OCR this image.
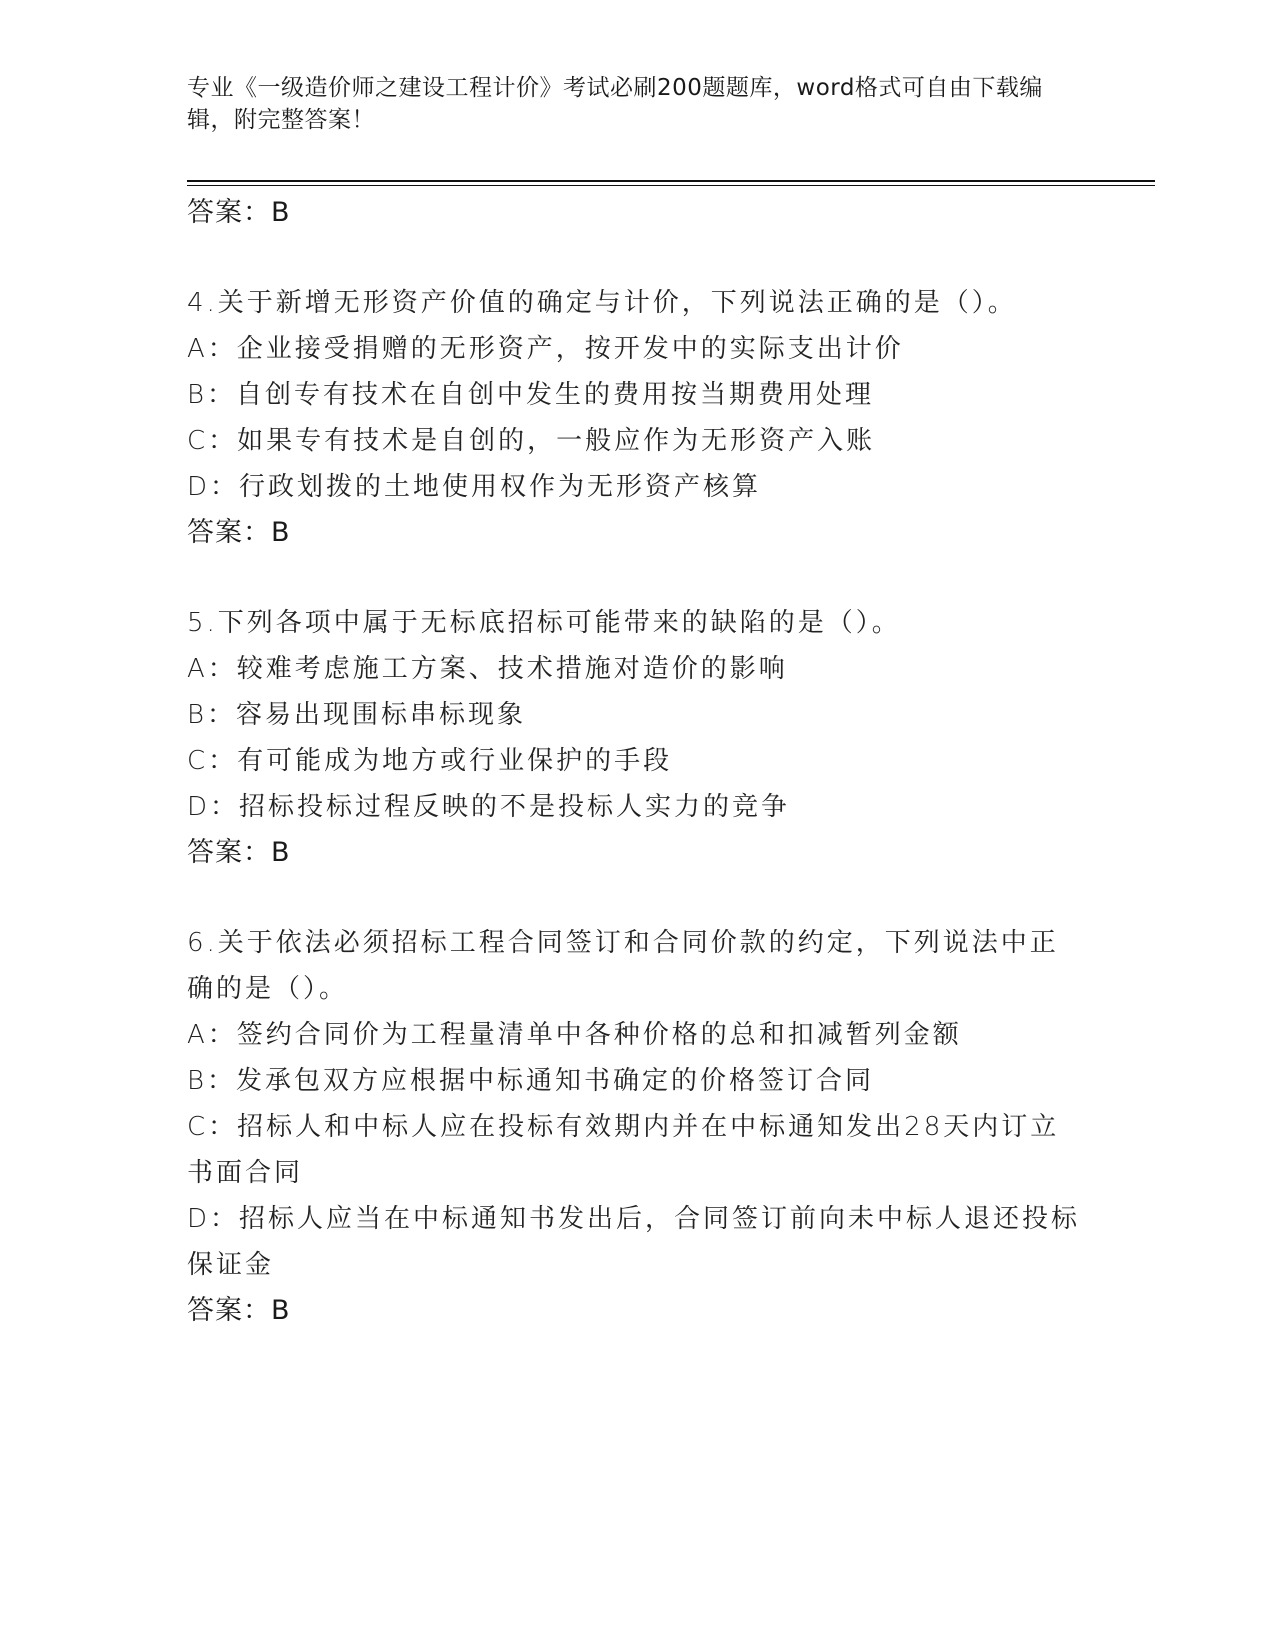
专业《一级造价师之建设工程计价》考试必刷200题题库，word格式可自由下载编辑，附完整答案！
答案：B
4.关于新增无形资产价值的确定与计价，下列说法正确的是（）。
A：企业接受捐赠的无形资产，按开发中的实际支出计价
B：自创专有技术在自创中发生的费用按当期费用处理
C：如果专有技术是自创的，一般应作为无形资产入账
D：行政划拨的土地使用权作为无形资产核算
答案：B
5.下列各项中属于无标底招标可能带来的缺陷的是（）。
A：较难考虑施工方案、技术措施对造价的影响
B：容易出现围标串标现象
C：有可能成为地方或行业保护的手段
D：招标投标过程反映的不是投标人实力的竞争
答案：B
6.关于依法必须招标工程合同签订和合同价款的约定，下列说法中正
确的是（）。
A：签约合同价为工程量清单中各种价格的总和扣减暂列金额
B：发承包双方应根据中标通知书确定的价格签订合同
C：招标人和中标人应在投标有效期内并在中标通知发出28天内订立
书面合同
D：招标人应当在中标通知书发出后，合同签订前向未中标人退还投标
保证金
答案：B
